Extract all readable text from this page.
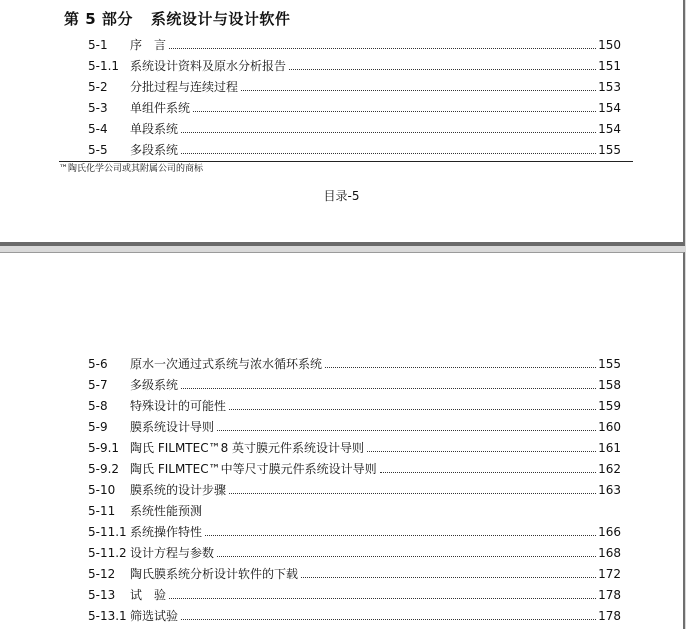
第 5 部分 系统设计与设计软件
5-1	序　言	150
5-1.1 系统设计资料及原水分析报告	151
5-2	分批过程与连续过程	153
5-3	单组件系统	154
5-4	单段系统	154
5-5	多段系统	155
™陶氏化学公司或其附属公司的商标
目录-5
5-6	原水一次通过式系统与浓水循环系统	155
5-7	多级系统	158
5-8	特殊设计的可能性	159
5-9	膜系统设计导则	160
5-9.1 陶氏 FILMTEC™8 英寸膜元件系统设计导则	161
5-9.2 陶氏 FILMTEC™中等尺寸膜元件系统设计导则	162
5-10	膜系统的设计步骤	163
5-11	系统性能预测
5-11.1 系统操作特性	166
5-11.2 设计方程与参数	168
5-12	陶氏膜系统分析设计软件的下载	172
5-13	试　验	178
5-13.1 筛选试验	178
